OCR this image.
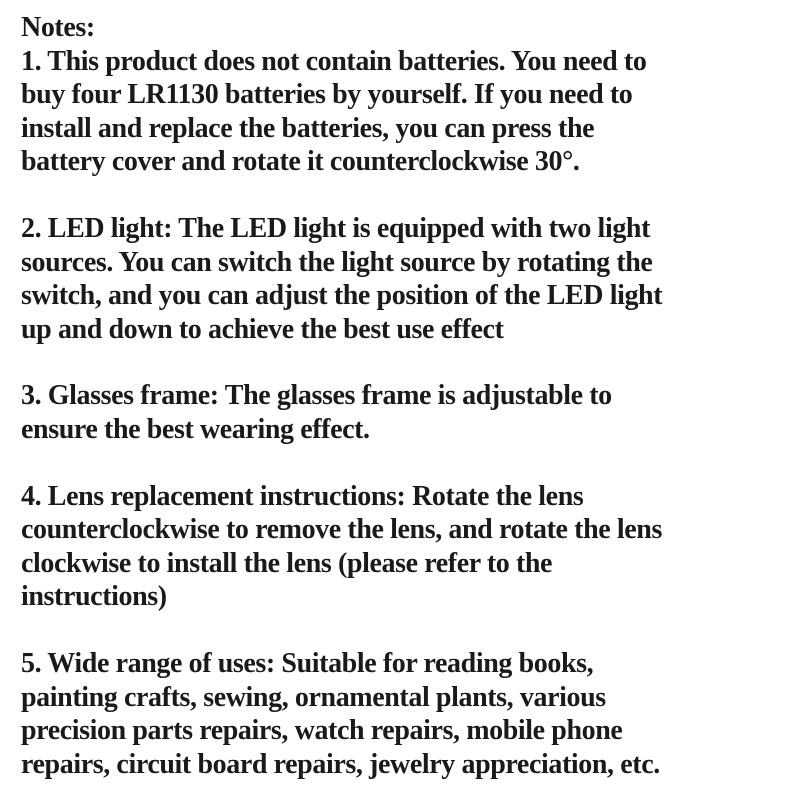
Notes:
1. This product does not contain batteries. You need to
buy four LR1130 batteries by yourself. If you need to
install and replace the batteries, you can press the
battery cover and rotate it counterclockwise 30°.
2. LED light: The LED light is equipped with two light
sources. You can switch the light source by rotating the
switch, and you can adjust the position of the LED light
up and down to achieve the best use effect
3. Glasses frame: The glasses frame is adjustable to
ensure the best wearing effect.
4. Lens replacement instructions: Rotate the lens
counterclockwise to remove the lens, and rotate the lens
clockwise to install the lens (please refer to the
instructions)
5. Wide range of uses: Suitable for reading books,
painting crafts, sewing, ornamental plants, various
precision parts repairs, watch repairs, mobile phone
repairs, circuit board repairs, jewelry appreciation, etc.
